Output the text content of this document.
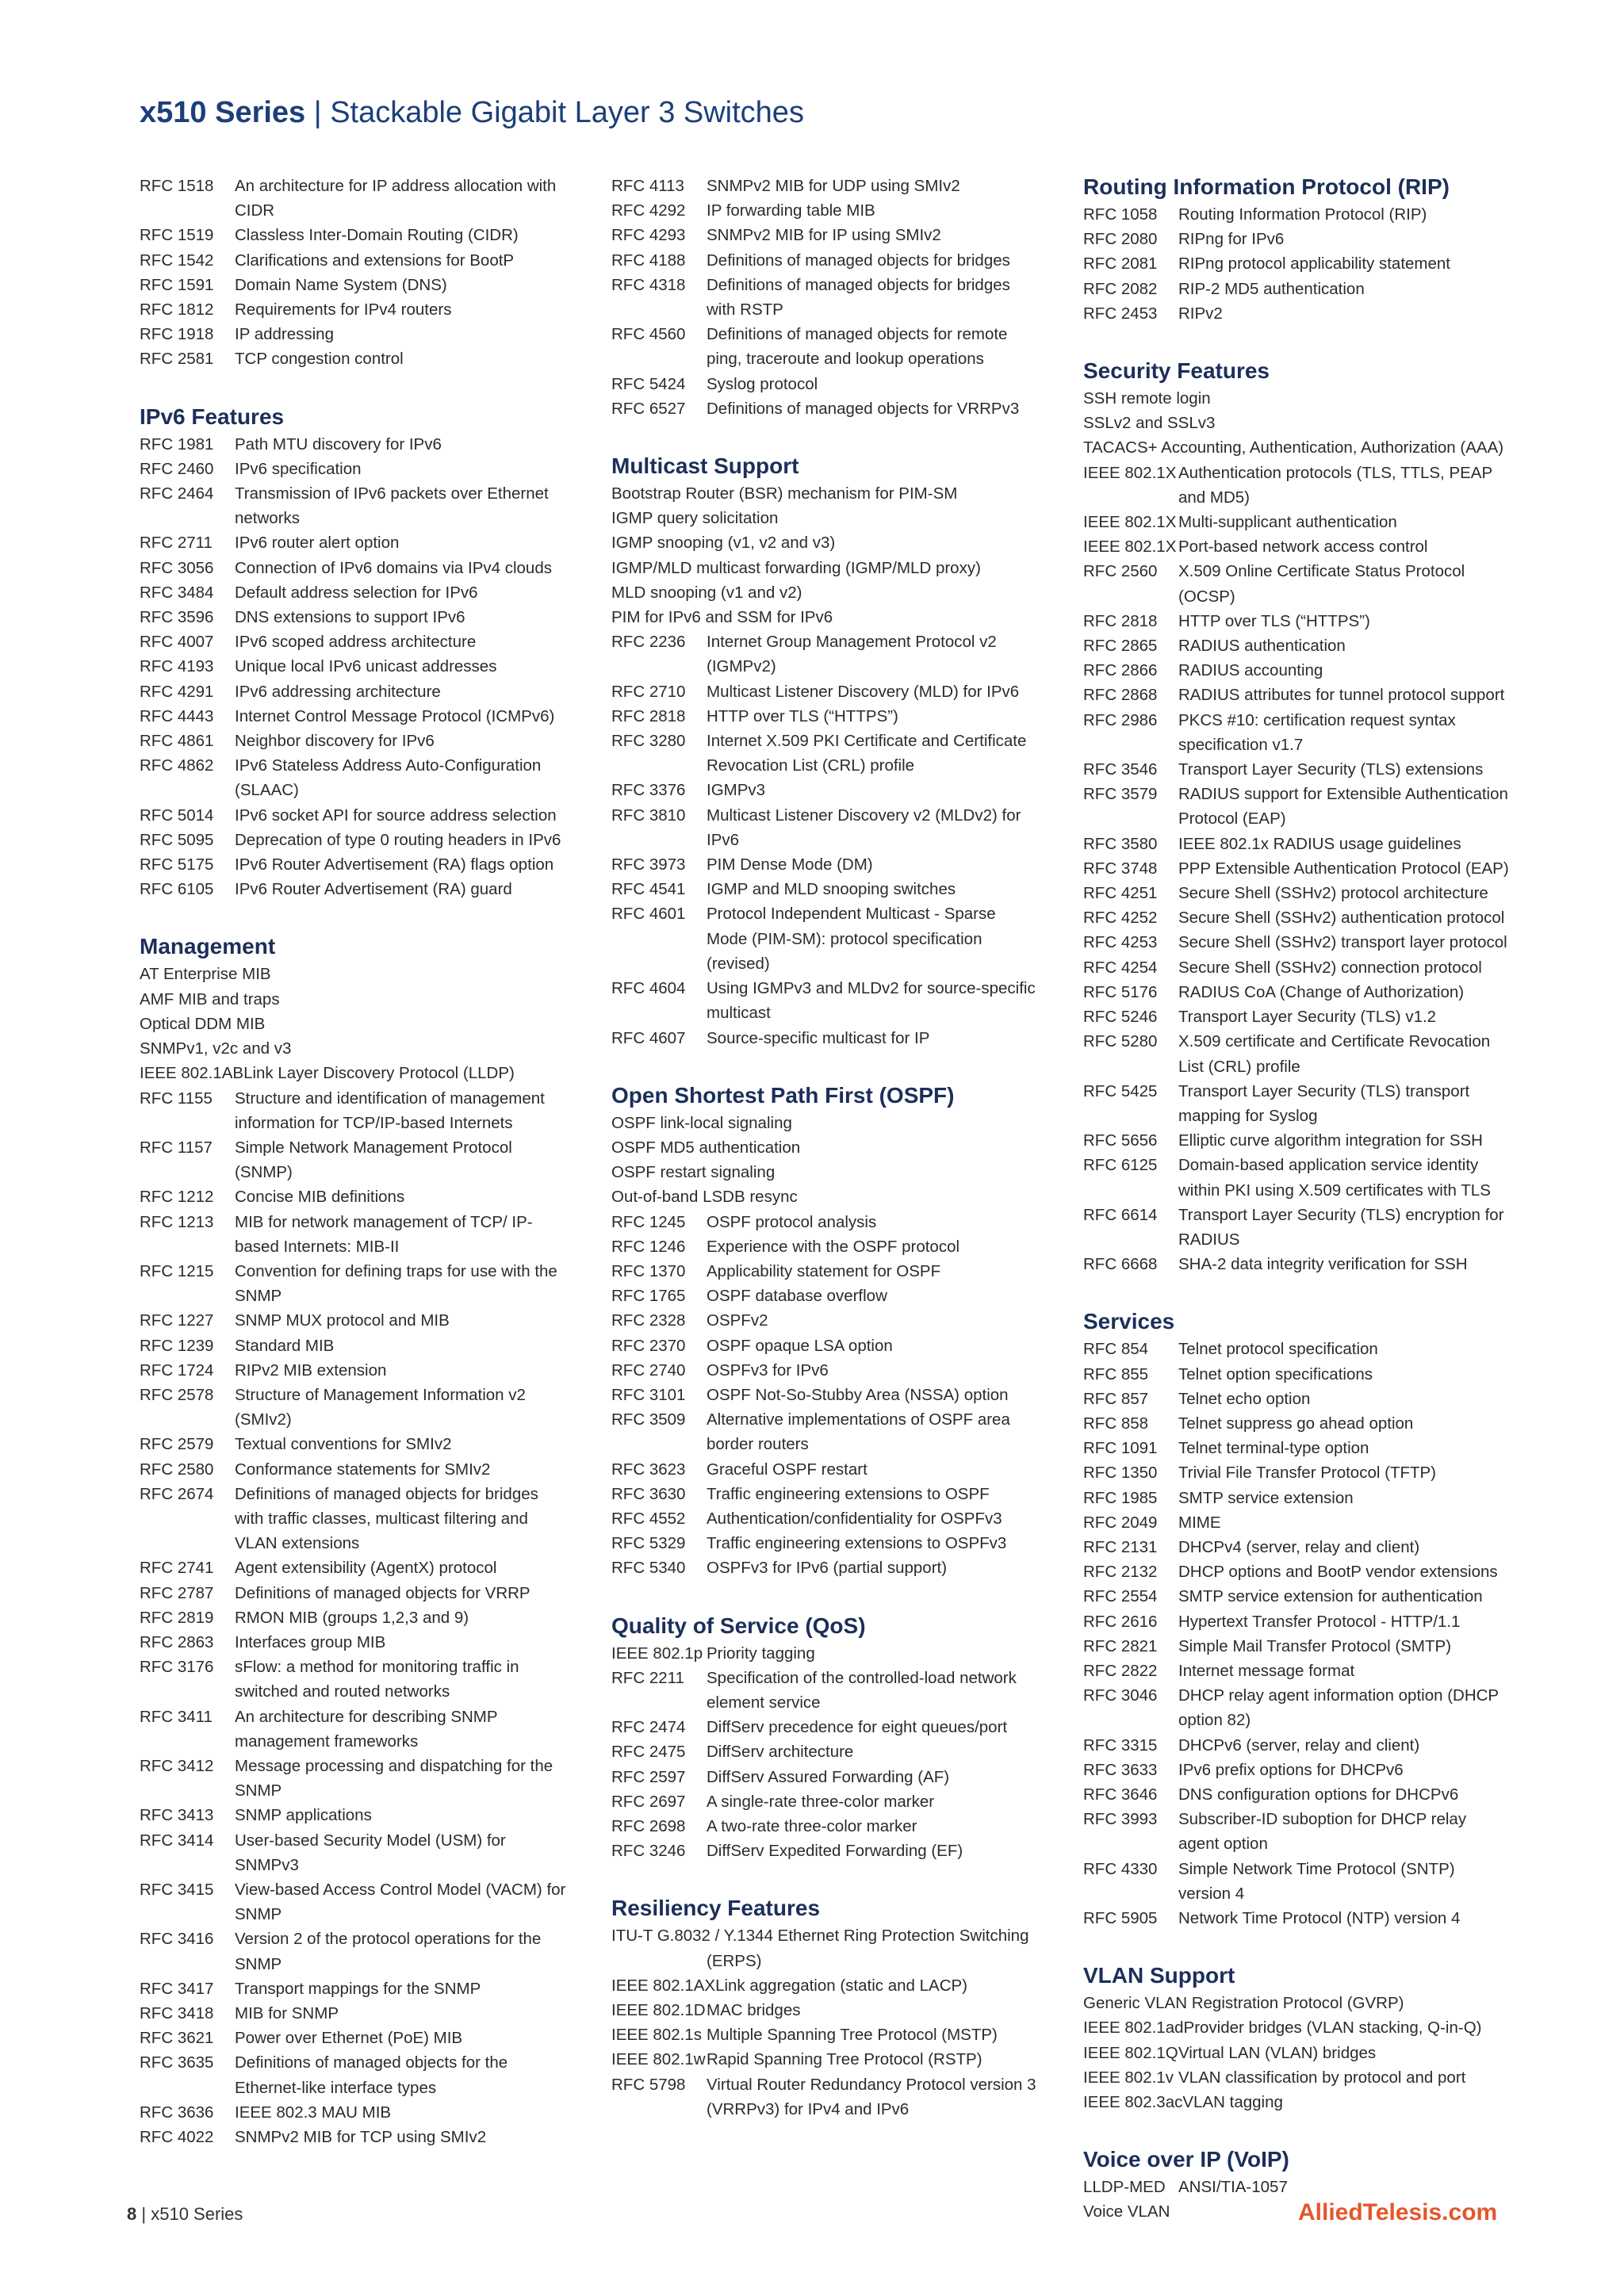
x510 Series | Stackable Gigabit Layer 3 Switches
RFC 1518	An architecture for IP address allocation with CIDR
RFC 1519	Classless Inter-Domain Routing (CIDR)
RFC 1542	Clarifications and extensions for BootP
RFC 1591	Domain Name System (DNS)
RFC 1812	Requirements for IPv4 routers
RFC 1918	IP addressing
RFC 2581	TCP congestion control
IPv6 Features
RFC 1981	Path MTU discovery for IPv6
RFC 2460	IPv6 specification
RFC 2464	Transmission of IPv6 packets over Ethernet networks
RFC 2711	IPv6 router alert option
RFC 3056	Connection of IPv6 domains via IPv4 clouds
RFC 3484	Default address selection for IPv6
RFC 3596	DNS extensions to support IPv6
RFC 4007	IPv6 scoped address architecture
RFC 4193	Unique local IPv6 unicast addresses
RFC 4291	IPv6 addressing architecture
RFC 4443	Internet Control Message Protocol (ICMPv6)
RFC 4861	Neighbor discovery for IPv6
RFC 4862	IPv6 Stateless Address Auto-Configuration (SLAAC)
RFC 5014	IPv6 socket API for source address selection
RFC 5095	Deprecation of type 0 routing headers in IPv6
RFC 5175	IPv6 Router Advertisement (RA) flags option
RFC 6105	IPv6 Router Advertisement (RA) guard
Management
AT Enterprise MIB
AMF MIB and traps
Optical DDM MIB
SNMPv1, v2c and v3
IEEE 802.1AB Link Layer Discovery Protocol (LLDP)
RFC 1155	Structure and identification of management information for TCP/IP-based Internets
RFC 1157	Simple Network Management Protocol (SNMP)
RFC 1212	Concise MIB definitions
RFC 1213	MIB for network management of TCP/ IP-based Internets: MIB-II
RFC 1215	Convention for defining traps for use with the SNMP
RFC 1227	SNMP MUX protocol and MIB
RFC 1239	Standard MIB
RFC 1724	RIPv2 MIB extension
RFC 2578	Structure of Management Information v2 (SMIv2)
RFC 2579	Textual conventions for SMIv2
RFC 2580	Conformance statements for SMIv2
RFC 2674	Definitions of managed objects for bridges with traffic classes, multicast filtering and VLAN extensions
RFC 2741	Agent extensibility (AgentX) protocol
RFC 2787	Definitions of managed objects for VRRP
RFC 2819	RMON MIB (groups 1,2,3 and 9)
RFC 2863	Interfaces group MIB
RFC 3176	sFlow: a method for monitoring traffic in switched and routed networks
RFC 3411	An architecture for describing SNMP management frameworks
RFC 3412	Message processing and dispatching for the SNMP
RFC 3413	SNMP applications
RFC 3414	User-based Security Model (USM) for SNMPv3
RFC 3415	View-based Access Control Model (VACM) for SNMP
RFC 3416	Version 2 of the protocol operations for the SNMP
RFC 3417	Transport mappings for the SNMP
RFC 3418	MIB for SNMP
RFC 3621	Power over Ethernet (PoE) MIB
RFC 3635	Definitions of managed objects for the Ethernet-like interface types
RFC 3636	IEEE 802.3 MAU MIB
RFC 4022	SNMPv2 MIB for TCP using SMIv2
RFC 4113	SNMPv2 MIB for UDP using SMIv2
RFC 4292	IP forwarding table MIB
RFC 4293	SNMPv2 MIB for IP using SMIv2
RFC 4188	Definitions of managed objects for bridges
RFC 4318	Definitions of managed objects for bridges with RSTP
RFC 4560	Definitions of managed objects for remote ping, traceroute and lookup operations
RFC 5424	Syslog protocol
RFC 6527	Definitions of managed objects for VRRPv3
Multicast Support
Bootstrap Router (BSR) mechanism for PIM-SM
IGMP query solicitation
IGMP snooping (v1, v2 and v3)
IGMP/MLD multicast forwarding (IGMP/MLD proxy)
MLD snooping (v1 and v2)
PIM for IPv6 and SSM for IPv6
RFC 2236	Internet Group Management Protocol v2 (IGMPv2)
RFC 2710	Multicast Listener Discovery (MLD) for IPv6
RFC 2818	HTTP over TLS (“HTTPS”)
RFC 3280	Internet X.509 PKI Certificate and Certificate Revocation List (CRL) profile
RFC 3376	IGMPv3
RFC 3810	Multicast Listener Discovery v2 (MLDv2) for IPv6
RFC 3973	PIM Dense Mode (DM)
RFC 4541	IGMP and MLD snooping switches
RFC 4601	Protocol Independent Multicast - Sparse Mode (PIM-SM): protocol specification (revised)
RFC 4604	Using IGMPv3 and MLDv2 for source-specific multicast
RFC 4607	Source-specific multicast for IP
Open Shortest Path First (OSPF)
OSPF link-local signaling
OSPF MD5 authentication
OSPF restart signaling
Out-of-band LSDB resync
RFC 1245	OSPF protocol analysis
RFC 1246	Experience with the OSPF protocol
RFC 1370	Applicability statement for OSPF
RFC 1765	OSPF database overflow
RFC 2328	OSPFv2
RFC 2370	OSPF opaque LSA option
RFC 2740	OSPFv3 for IPv6
RFC 3101	OSPF Not-So-Stubby Area (NSSA) option
RFC 3509	Alternative implementations of OSPF area border routers
RFC 3623	Graceful OSPF restart
RFC 3630	Traffic engineering extensions to OSPF
RFC 4552	Authentication/confidentiality for OSPFv3
RFC 5329	Traffic engineering extensions to OSPFv3
RFC 5340	OSPFv3 for IPv6 (partial support)
Quality of Service (QoS)
IEEE 802.1p Priority tagging
RFC 2211	Specification of the controlled-load network element service
RFC 2474	DiffServ precedence for eight queues/port
RFC 2475	DiffServ architecture
RFC 2597	DiffServ Assured Forwarding (AF)
RFC 2697	A single-rate three-color marker
RFC 2698	A two-rate three-color marker
RFC 3246	DiffServ Expedited Forwarding (EF)
Resiliency Features
ITU-T G.8032 / Y.1344 Ethernet Ring Protection Switching
(ERPS)
IEEE 802.1AX Link aggregation (static and LACP)
IEEE 802.1D MAC bridges
IEEE 802.1s Multiple Spanning Tree Protocol (MSTP)
IEEE 802.1w Rapid Spanning Tree Protocol (RSTP)
RFC 5798	Virtual Router Redundancy Protocol version 3 (VRRPv3) for IPv4 and IPv6
Routing Information Protocol (RIP)
RFC 1058	Routing Information Protocol (RIP)
RFC 2080	RIPng for IPv6
RFC 2081	RIPng protocol applicability statement
RFC 2082	RIP-2 MD5 authentication
RFC 2453	RIPv2
Security Features
SSH remote login
SSLv2 and SSLv3
TACACS+ Accounting, Authentication, Authorization (AAA)
IEEE 802.1X Authentication protocols (TLS, TTLS, PEAP and MD5)
IEEE 802.1X Multi-supplicant authentication
IEEE 802.1X Port-based network access control
RFC 2560	X.509 Online Certificate Status Protocol (OCSP)
RFC 2818	HTTP over TLS (“HTTPS”)
RFC 2865	RADIUS authentication
RFC 2866	RADIUS accounting
RFC 2868	RADIUS attributes for tunnel protocol support
RFC 2986	PKCS #10: certification request syntax specification v1.7
RFC 3546	Transport Layer Security (TLS) extensions
RFC 3579	RADIUS support for Extensible Authentication Protocol (EAP)
RFC 3580	IEEE 802.1x RADIUS usage guidelines
RFC 3748	PPP Extensible Authentication Protocol (EAP)
RFC 4251	Secure Shell (SSHv2) protocol architecture
RFC 4252	Secure Shell (SSHv2) authentication protocol
RFC 4253	Secure Shell (SSHv2) transport layer protocol
RFC 4254	Secure Shell (SSHv2) connection protocol
RFC 5176	RADIUS CoA (Change of Authorization)
RFC 5246	Transport Layer Security (TLS) v1.2
RFC 5280	X.509 certificate and Certificate Revocation List (CRL) profile
RFC 5425	Transport Layer Security (TLS) transport mapping for Syslog
RFC 5656	Elliptic curve algorithm integration for SSH
RFC 6125	Domain-based application service identity within PKI using X.509 certificates with TLS
RFC 6614	Transport Layer Security (TLS) encryption for RADIUS
RFC 6668	SHA-2 data integrity verification for SSH
Services
RFC 854	Telnet protocol specification
RFC 855	Telnet option specifications
RFC 857	Telnet echo option
RFC 858	Telnet suppress go ahead option
RFC 1091	Telnet terminal-type option
RFC 1350	Trivial File Transfer Protocol (TFTP)
RFC 1985	SMTP service extension
RFC 2049	MIME
RFC 2131	DHCPv4 (server, relay and client)
RFC 2132	DHCP options and BootP vendor extensions
RFC 2554	SMTP service extension for authentication
RFC 2616	Hypertext Transfer Protocol - HTTP/1.1
RFC 2821	Simple Mail Transfer Protocol (SMTP)
RFC 2822	Internet message format
RFC 3046	DHCP relay agent information option (DHCP option 82)
RFC 3315	DHCPv6 (server, relay and client)
RFC 3633	IPv6 prefix options for DHCPv6
RFC 3646	DNS configuration options for DHCPv6
RFC 3993	Subscriber-ID suboption for DHCP relay agent option
RFC 4330	Simple Network Time Protocol (SNTP) version 4
RFC 5905	Network Time Protocol (NTP) version 4
VLAN Support
Generic VLAN Registration Protocol (GVRP)
IEEE 802.1ad Provider bridges (VLAN stacking, Q-in-Q)
IEEE 802.1Q Virtual LAN (VLAN) bridges
IEEE 802.1v VLAN classification by protocol and port
IEEE 802.3ac VLAN tagging
Voice over IP (VoIP)
LLDP-MED ANSI/TIA-1057
Voice VLAN
8 | x510 Series	AlliedTelesis.com
